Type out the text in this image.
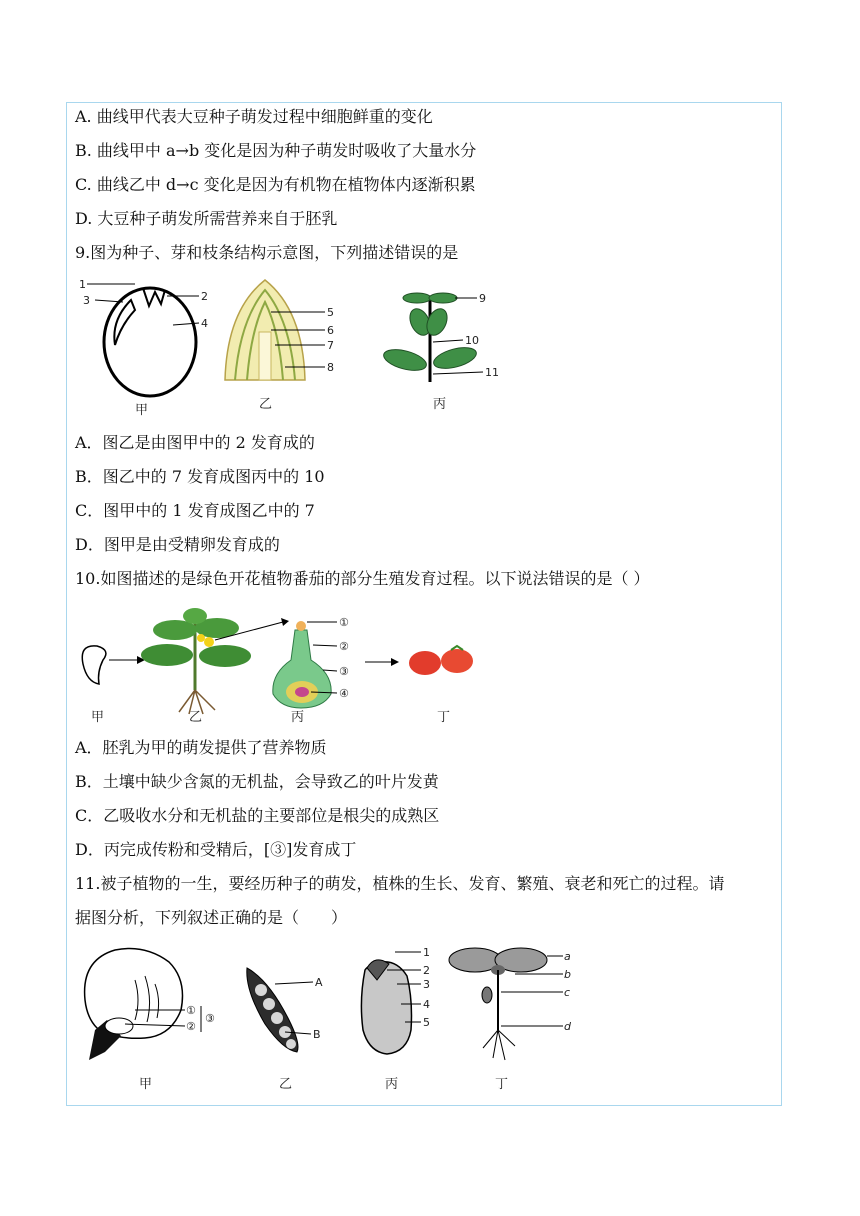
A. 曲线甲代表大豆种子萌发过程中细胞鲜重的变化
B. 曲线甲中 a→b 变化是因为种子萌发时吸收了大量水分
C. 曲线乙中 d→c 变化是因为有机物在植物体内逐渐积累
D. 大豆种子萌发所需营养来自于胚乳
9.图为种子、芽和枝条结构示意图，下列描述错误的是
1
2
3
4
甲
5
6
7
8
乙
9
10
11
丙
A．图乙是由图甲中的 2 发育成的
B．图乙中的 7 发育成图丙中的 10
C．图甲中的 1 发育成图乙中的 7
D．图甲是由受精卵发育成的
10.如图描述的是绿色开花植物番茄的部分生殖发育过程。以下说法错误的是（ ）
甲	乙
①
②
③
④
丙	丁
A．胚乳为甲的萌发提供了营养物质
B．土壤中缺少含氮的无机盐，会导致乙的叶片发黄
C．乙吸收水分和无机盐的主要部位是根尖的成熟区
D．丙完成传粉和受精后，[③]发育成丁
11.被子植物的一生，要经历种子的萌发，植株的生长、发育、繁殖、衰老和死亡的过程。请
据图分析，下列叙述正确的是（　　）
①
②
③
甲
A
B
乙
1
2
3
4
5
丙
a
b
c
d
丁
